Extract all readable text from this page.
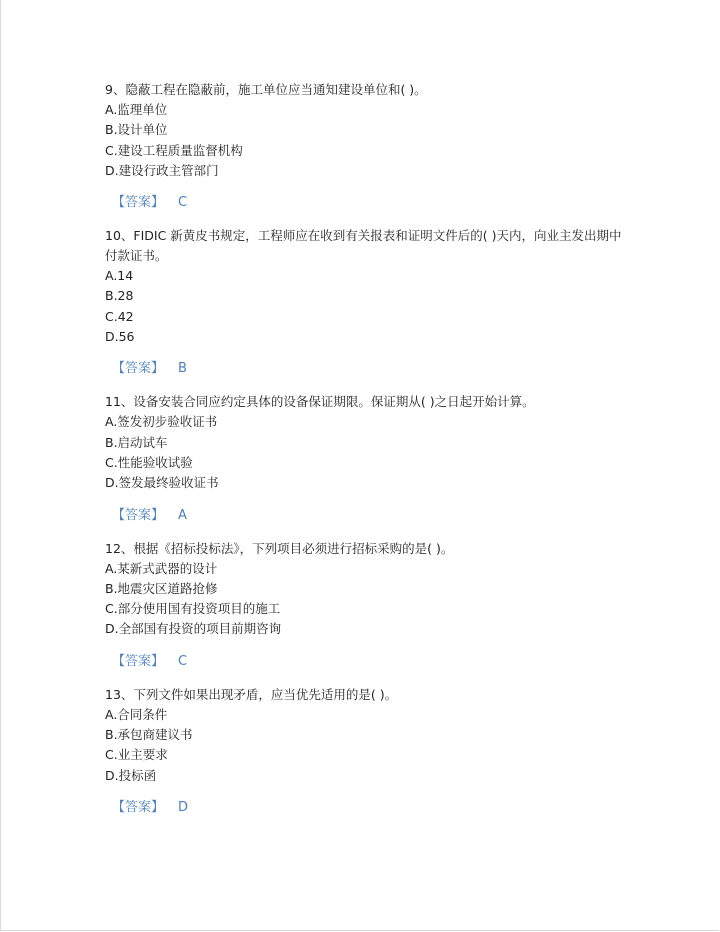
9、隐蔽工程在隐蔽前，施工单位应当通知建设单位和( )。

A.监理单位

B.设计单位

C.建设工程质量监督机构

D.建设行政主管部门

【答案】 C

10、FIDIC 新黄皮书规定，工程师应在收到有关报表和证明文件后的( )天内，向业主发出期中付款证书。

A.14

B.28

C.42

D.56

【答案】 B

11、设备安装合同应约定具体的设备保证期限。保证期从( )之日起开始计算。

A.签发初步验收证书

B.启动试车

C.性能验收试验

D.签发最终验收证书

【答案】 A

12、根据《招标投标法》，下列项目必须进行招标采购的是( )。

A.某新式武器的设计

B.地震灾区道路抢修

C.部分使用国有投资项目的施工

D.全部国有投资的项目前期咨询

【答案】 C

13、下列文件如果出现矛盾，应当优先适用的是( )。

A.合同条件

B.承包商建议书

C.业主要求

D.投标函

【答案】 D
